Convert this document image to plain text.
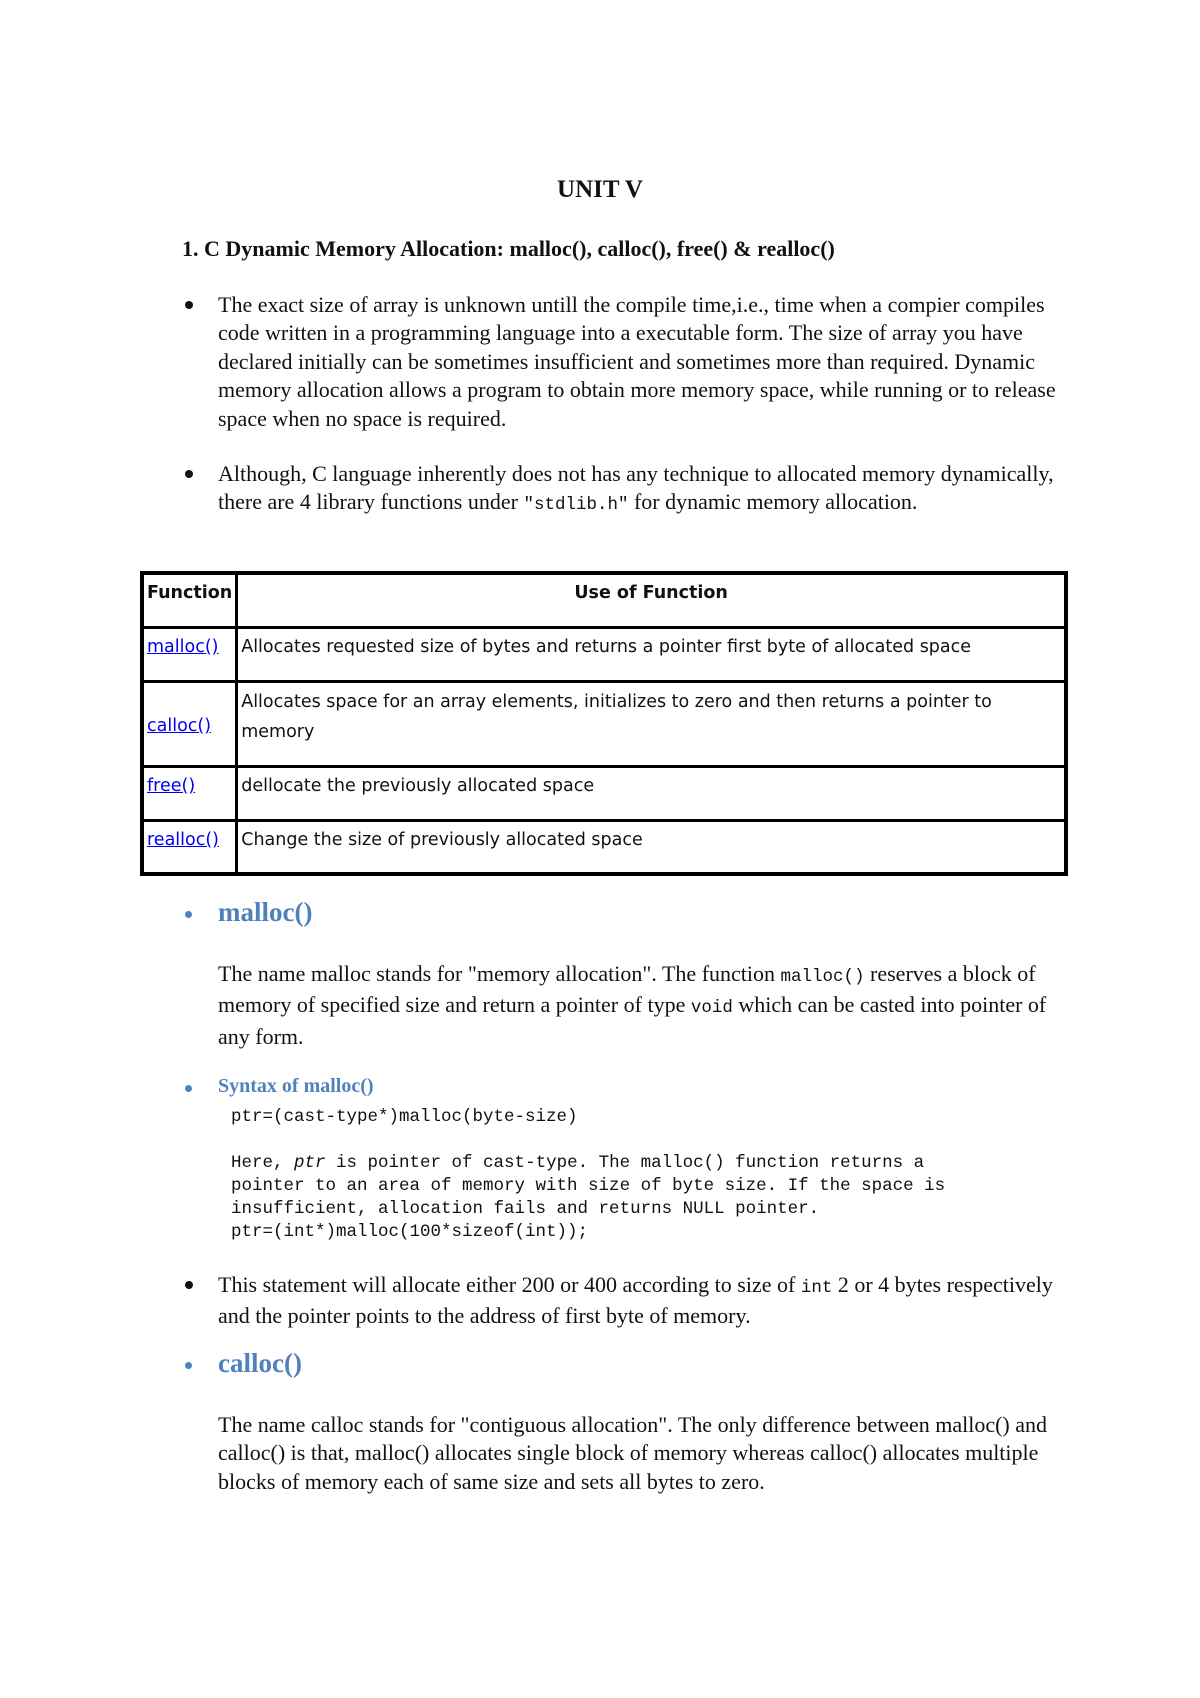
UNIT V
1. C Dynamic Memory Allocation: malloc(), calloc(), free() & realloc()
The exact size of array is unknown untill the compile time,i.e., time when a compier compiles code written in a programming language into a executable form. The size of array you have declared initially can be sometimes insufficient and sometimes more than required. Dynamic memory allocation allows a program to obtain more memory space, while running or to release space when no space is required.
Although, C language inherently does not has any technique to allocated memory dynamically, there are 4 library functions under "stdlib.h" for dynamic memory allocation.
Function	Use of Function
malloc()	Allocates requested size of bytes and returns a pointer first byte of allocated space
calloc()	Allocates space for an array elements, initializes to zero and then returns a pointer to memory
free()	dellocate the previously allocated space
realloc()	Change the size of previously allocated space
malloc()
The name malloc stands for "memory allocation". The function malloc() reserves a block of memory of specified size and return a pointer of type void which can be casted into pointer of any form.
Syntax of malloc()
ptr=(cast-type*)malloc(byte-size)
Here, ptr is pointer of cast-type. The malloc() function returns a
pointer to an area of memory with size of byte size. If the space is
insufficient, allocation fails and returns NULL pointer.
ptr=(int*)malloc(100*sizeof(int));
This statement will allocate either 200 or 400 according to size of int 2 or 4 bytes respectively and the pointer points to the address of first byte of memory.
calloc()
The name calloc stands for "contiguous allocation". The only difference between malloc() and calloc() is that, malloc() allocates single block of memory whereas calloc() allocates multiple blocks of memory each of same size and sets all bytes to zero.
